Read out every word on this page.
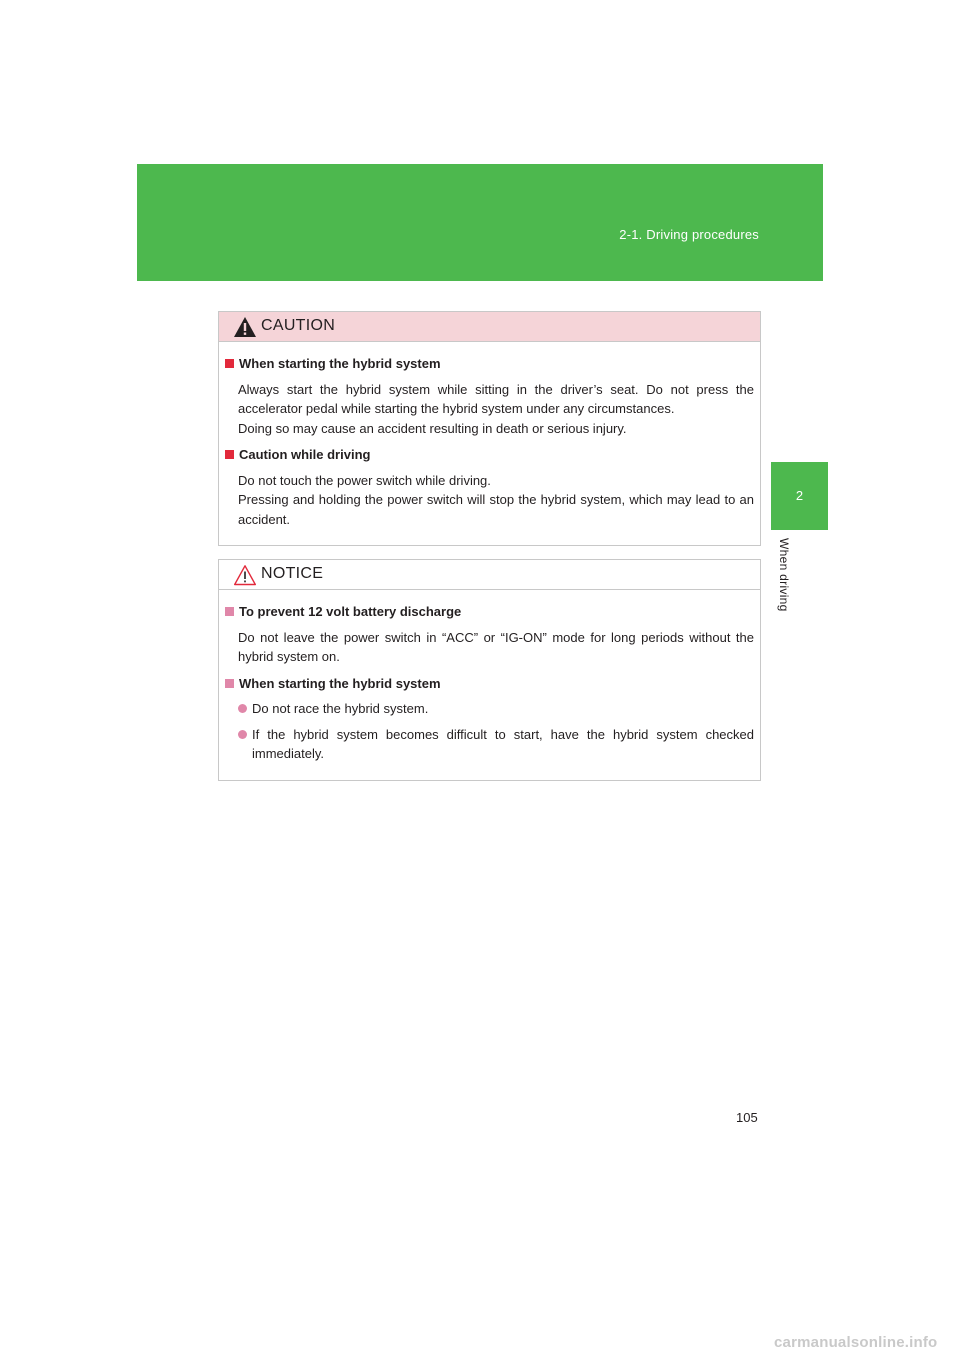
2-1. Driving procedures
2
When driving
CAUTION
When starting the hybrid system
Always start the hybrid system while sitting in the driver’s seat. Do not press the accelerator pedal while starting the hybrid system under any circumstances.
Doing so may cause an accident resulting in death or serious injury.
Caution while driving
Do not touch the power switch while driving.
Pressing and holding the power switch will stop the hybrid system, which may lead to an accident.
NOTICE
To prevent 12 volt battery discharge
Do not leave the power switch in “ACC” or “IG-ON” mode for long periods without the hybrid system on.
When starting the hybrid system
Do not race the hybrid system.
If the hybrid system becomes difficult to start, have the hybrid system checked immediately.
105
carmanualsonline.info
